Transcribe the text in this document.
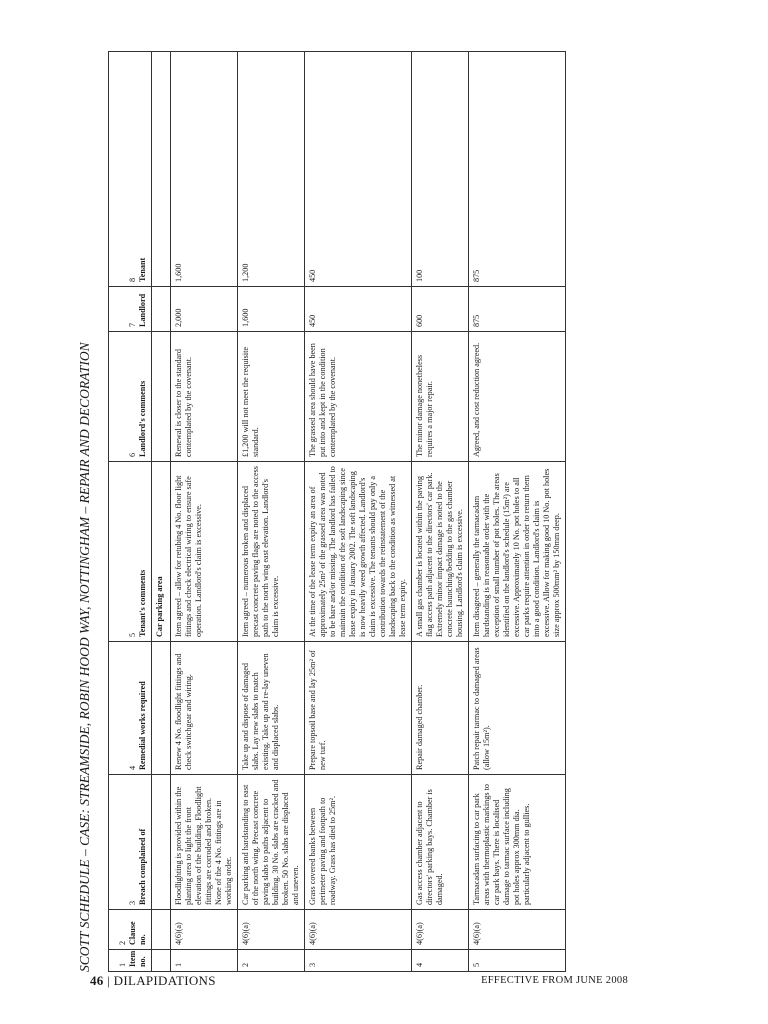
SCOTT SCHEDULE – CASE: STREAMSIDE, ROBIN HOOD WAY, NOTTINGHAM – REPAIR AND DECORATION	1 Item no.	2 Clause no.	3 Breach complained of	4 Remedial works required	5 Tenant's comments	6 Landlord's comments	7 Landlord	8 Tenant
				Car parking area			
1	4(6)(a)	Floodlighting is provided within the planting area to light the front elevation of the building. Floodlight fittings are corroded and broken. None of the 4 No. fittings are in working order.	Renew 4 No. floodlight fittings and check switchgear and wiring.	Item agreed – allow for retubing 4 No. floor light fittings and check electrical wiring to ensure safe operation. Landlord's claim is excessive.	Renewal is closer to the standard contemplated by the covenant.	2,000	1,600
2	4(6)(a)	Car parking and hardstanding to east of the north wing. Precast concrete paving slabs to paths adjacent to building. 30 No. slabs are cracked and broken. 50 No. slabs are displaced and uneven.	Take up and dispose of damaged slabs. Lay new slabs to match existing. Take up and re-lay uneven and displaced slabs.	Item agreed – numerous broken and displaced precast concrete paving flags are noted to the access path to the north wing east elevation. Landlord's claim is excessive.	£1,200 will not meet the requisite standard.	1,600	1,200
3	4(6)(a)	Grass covered banks between perimeter paving and footpath to roadway. Grass has died to 25m².	Prepare topsoil base and lay 25m² of new turf.	At the time of the lease term expiry an area of approximately 25m² of the grassed area was noted to be bare and/or missing. The landlord has failed to maintain the condition of the soft landscaping since lease expiry in January 2002. The soft landscaping is now heavily weed growth affected. Landlord's claim is excessive. The tenants should pay only a contribution towards the reinstatement of the landscaping back to the condition as witnessed at lease term expiry.	The grassed area should have been put into and kept in the condition contemplated by the covenant.	450	450
4	4(6)(a)	Gas access chamber adjacent to directors' parking bays. Chamber is damaged.	Repair damaged chamber.	A small gas chamber is located within the paving flag access path adjacent to the directors' car park. Extremely minor impact damage is noted to the concrete haunching/bedding to the gas chamber housing. Landlord's claim is excessive.	The minor damage nonetheless requires a major repair.	600	100
5	4(6)(a)	Tarmacadam surfacing to car park areas with thermoplastic markings to car park bays. There is localised damage to tarmac surface including pot holes approx 300mm dia. particularly adjacent to gullies.	Patch repair tarmac to damaged areas (allow 15m²).	Item disagreed – generally the tarmacadam hardstanding is in reasonable order with the exception of small number of pot holes. The areas identified on the landlord's schedule (15m²) are excessive. Approximately 10 No. pot holes to all car parks require attention in order to return them into a good condition. Landlord's claim is excessive. Allow for making good 10 No. pot holes size approx 500mm² by 150mm deep.	Agreed, and cost reduction agreed.	875	875
46 | DILAPIDATIONS	EFFECTIVE FROM JUNE 2008
